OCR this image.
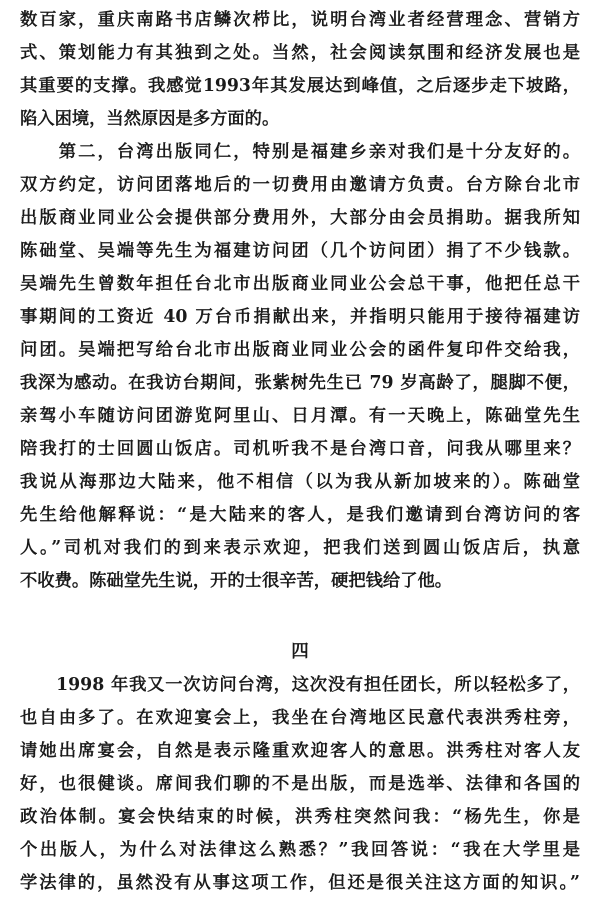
数百家，重庆南路书店鳞次栉比，说明台湾业者经营理念、营销方
式、策划能力有其独到之处。当然，社会阅读氛围和经济发展也是
其重要的支撑。我感觉1993年其发展达到峰值，之后逐步走下坡路，
陷入困境，当然原因是多方面的。
　　第二，台湾出版同仁，特别是福建乡亲对我们是十分友好的。
双方约定，访问团落地后的一切费用由邀请方负责。台方除台北市
出版商业同业公会提供部分费用外，大部分由会员捐助。据我所知
陈础堂、吴端等先生为福建访问团（几个访问团）捐了不少钱款。
吴端先生曾数年担任台北市出版商业同业公会总干事，他把任总干
事期间的工资近 40 万台币捐献出来，并指明只能用于接待福建访
问团。吴端把写给台北市出版商业同业公会的函件复印件交给我，
我深为感动。在我访台期间，张紫树先生已 79 岁高龄了，腿脚不便，
亲驾小车随访问团游览阿里山、日月潭。有一天晚上，陈础堂先生
陪我打的士回圆山饭店。司机听我不是台湾口音，问我从哪里来？
我说从海那边大陆来，他不相信（以为我从新加坡来的）。陈础堂
先生给他解释说：“是大陆来的客人，是我们邀请到台湾访问的客
人。”司机对我们的到来表示欢迎，把我们送到圆山饭店后，执意
不收费。陈础堂先生说，开的士很辛苦，硬把钱给了他。
四
　　1998 年我又一次访问台湾，这次没有担任团长，所以轻松多了，
也自由多了。在欢迎宴会上，我坐在台湾地区民意代表洪秀柱旁，
请她出席宴会，自然是表示隆重欢迎客人的意思。洪秀柱对客人友
好，也很健谈。席间我们聊的不是出版，而是选举、法律和各国的
政治体制。宴会快结束的时候，洪秀柱突然问我：“杨先生，你是
个出版人，为什么对法律这么熟悉？”我回答说：“我在大学里是
学法律的，虽然没有从事这项工作，但还是很关注这方面的知识。”
